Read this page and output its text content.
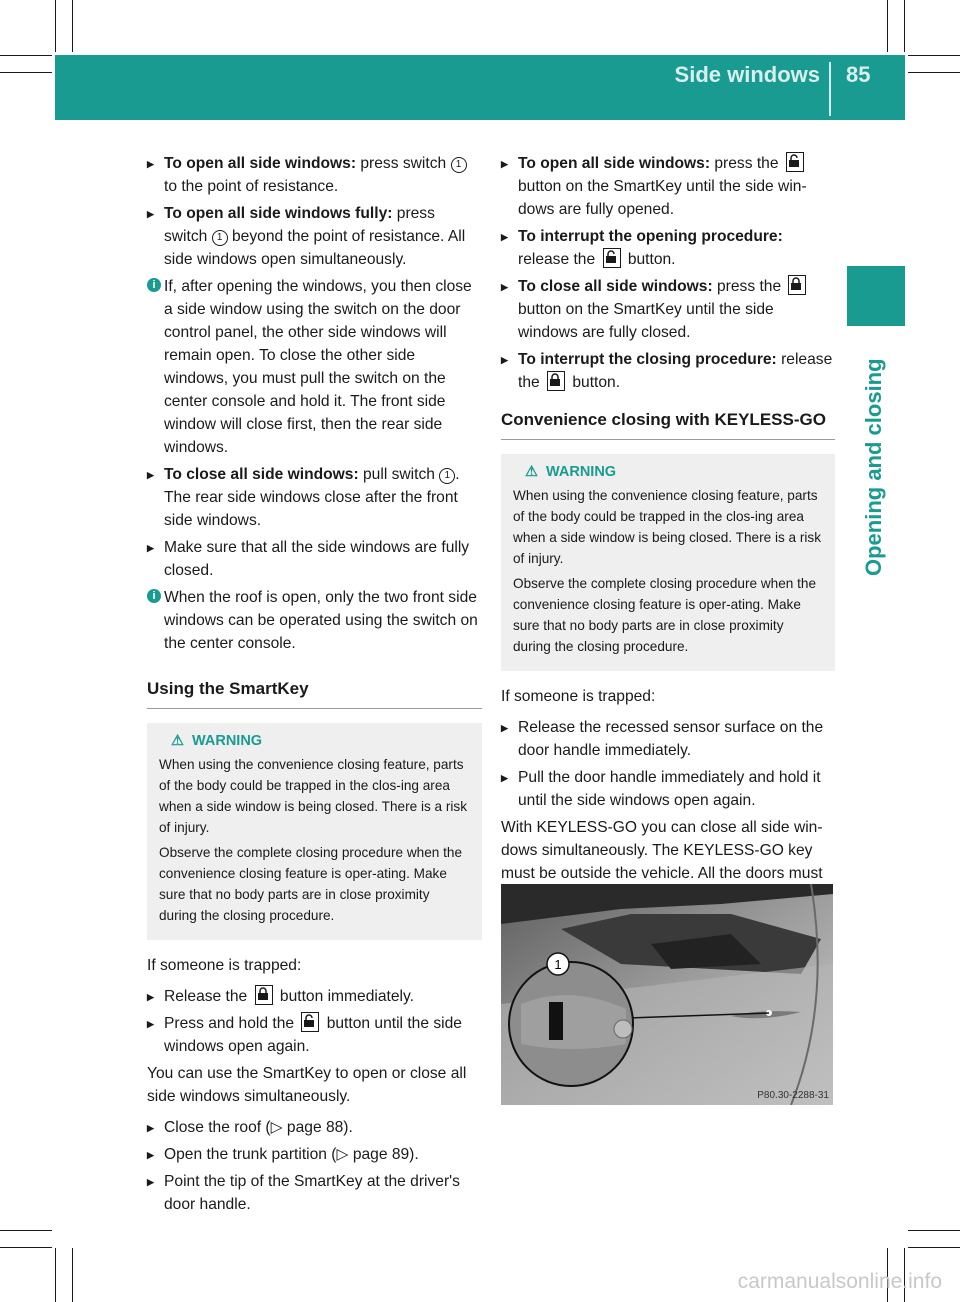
Side windows 85
Opening and closing
▶ To open all side windows: press switch 1 to the point of resistance.
▶ To open all side windows fully: press switch 1 beyond the point of resistance. All side windows open simultaneously.
i If, after opening the windows, you then close a side window using the switch on the door control panel, the other side windows will remain open. To close the other side windows, you must pull the switch on the center console and hold it. The front side window will close first, then the rear side windows.
▶ To close all side windows: pull switch 1 . The rear side windows close after the front side windows.
▶ Make sure that all the side windows are fully closed.
i When the roof is open, only the two front side windows can be operated using the switch on the center console.
Using the SmartKey
⚠ WARNING

When using the convenience closing feature, parts of the body could be trapped in the clos-ing area when a side window is being closed. There is a risk of injury.

Observe the complete closing procedure when the convenience closing feature is oper-ating. Make sure that no body parts are in close proximity during the closing procedure.

If someone is trapped:

▶ Release the
button immediately.
▶ Press and hold the
button until the side windows open again.

You can use the SmartKey to open or close all side windows simultaneously.

▶ Close the roof (▷ page 88).
▶ Open the trunk partition (▷ page 89).
▶ Point the tip of the SmartKey at the driver's door handle.
▶ To open all side windows: press the
button on the SmartKey until the side win-dows are fully opened.
▶ To interrupt the opening procedure: release the
button.
▶ To close all side windows: press the
button on the SmartKey until the side windows are fully closed.
▶ To interrupt the closing procedure: release the
button.
Convenience closing with KEYLESS-GO
⚠ WARNING

When using the convenience closing feature, parts of the body could be trapped in the clos-ing area when a side window is being closed. There is a risk of injury.

Observe the complete closing procedure when the convenience closing feature is oper-ating. Make sure that no body parts are in close proximity during the closing procedure.

If someone is trapped:

▶ Release the recessed sensor surface on the door handle immediately.
▶ Pull the door handle immediately and hold it until the side windows open again.

With KEYLESS-GO you can close all side win-dows simultaneously. The KEYLESS-GO key must be outside the vehicle. All the doors must

1
P80.30-2288-31
carmanualsonline.info
